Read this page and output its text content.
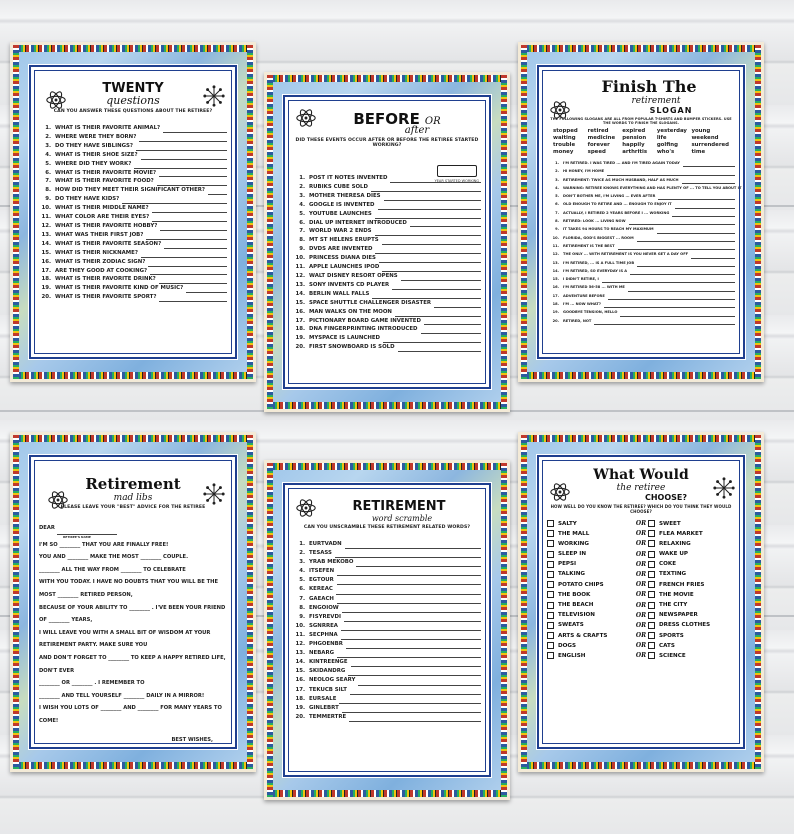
TWENTY
questions
CAN YOU ANSWER THESE QUESTIONS ABOUT THE RETIREE?
1. WHAT IS THEIR FAVORITE ANIMAL?
2. WHERE WERE THEY BORN?
3. DO THEY HAVE SIBLINGS?
4. WHAT IS THEIR SHOE SIZE?
5. WHERE DID THEY WORK?
6. WHAT IS THEIR FAVORITE MOVIE?
7. WHAT IS THEIR FAVORITE FOOD?
8. HOW DID THEY MEET THEIR SIGNIFICANT OTHER?
9. DO THEY HAVE KIDS?
10. WHAT IS THEIR MIDDLE NAME?
11. WHAT COLOR ARE THEIR EYES?
12. WHAT IS THEIR FAVORITE HOBBY?
13. WHAT WAS THEIR FIRST JOB?
14. WHAT IS THEIR FAVORITE SEASON?
15. WHAT IS THEIR NICKNAME?
16. WHAT IS THEIR ZODIAC SIGN?
17. ARE THEY GOOD AT COOKING?
18. WHAT IS THEIR FAVORITE DRINK?
19. WHAT IS THEIR FAVORITE KIND OF MUSIC?
20. WHAT IS THEIR FAVORITE SPORT?
BEFORE OR
after
DID THESE EVENTS OCCUR AFTER OR BEFORE THE RETIREE STARTED WORKING?
YEAR STARTED WORKING
1. POST IT NOTES INVENTED
2. RUBIKS CUBE SOLD
3. MOTHER THERESA DIES
4. GOOGLE IS INVENTED
5. YOUTUBE LAUNCHES
6. DIAL UP INTERNET INTRODUCED
7. WORLD WAR 2 ENDS
8. MT ST HELENS ERUPTS
9. DVDS ARE INVENTED
10. PRINCESS DIANA DIES
11. APPLE LAUNCHES IPOD
12. WALT DISNEY RESORT OPENS
13. SONY INVENTS CD PLAYER
14. BERLIN WALL FALLS
15. SPACE SHUTTLE CHALLENGER DISASTER
16. MAN WALKS ON THE MOON
17. PICTIONARY BOARD GAME INVENTED
18. DNA FINGERPRINTING INTRODUCED
19. MYSPACE IS LAUNCHED
20. FIRST SNOWBOARD IS SOLD
Finish The
retirement
SLOGAN
THE FOLLOWING SLOGANS ARE ALL FROM POPULAR T-SHIRTS AND BUMPER STICKERS. USE THE WORDS TO FINISH THE SLOGANS.
stopped	retired	expired	yesterday young
waiting	medicine	pension	life	weekend
trouble	forever	happily	golfing	surrendered
money	speed	arthritis	who's	time
1. I'M RETIRED. I WAS TIRED ... AND I'M TIRED AGAIN TODAY
2. HI HONEY, I'M HOME
3. RETIREMENT: TWICE AS MUCH HUSBAND, HALF AS MUCH
4. WARNING: RETIREE KNOWS EVERYTHING AND HAS PLENTY OF ... TO TELL YOU ABOUT IT
5. DON'T BOTHER ME, I'M LIVING ... EVER AFTER
6. OLD ENOUGH TO RETIRE AND ... ENOUGH TO ENJOY IT
7. ACTUALLY, I RETIRED 2 YEARS BEFORE I ... WORKING
8. RETIRED: LOOK ... LIVING NOW
9. IT TAKES 94 HOURS TO REACH MY MAXIMUM
10. FLORIDA, GOD'S BIGGEST ... ROOM
11. RETIREMENT IS THE BEST
12. THE ONLY ... WITH RETIREMENT IS YOU NEVER GET A DAY OFF
13. I'M RETIRED, ... IS A FULL TIME JOB
14. I'M RETIRED, SO EVERYDAY IS A
15. I DIDN'T RETIRE, I
16. I'M RETIRED 56-58 ... WITH ME
17. ADVENTURE BEFORE
18. I'M ... NOW WHAT?
19. GOODBYE TENSION, HELLO
20. RETIRED, NOT
Retirement
mad libs
PLEASE LEAVE YOUR "BEST" ADVICE FOR THE RETIREE
DEAR
RETIREE'S NAME
I'M SO ________ THAT YOU ARE FINALLY FREE!
YOU AND ________ MAKE THE MOST ________ COUPLE.
________ ALL THE WAY FROM ________ TO CELEBRATE
WITH YOU TODAY. I HAVE NO DOUBTS THAT YOU WILL BE THE MOST ________ RETIRED PERSON,
BECAUSE OF YOUR ABILITY TO ________ . I'VE BEEN YOUR FRIEND OF ________ YEARS,
I WILL LEAVE YOU WITH A SMALL BIT OF WISDOM AT YOUR RETIREMENT PARTY. MAKE SURE YOU
AND DON'T FORGET TO ________ TO KEEP A HAPPY RETIRED LIFE, DON'T EVER
________ OR ________ . I REMEMBER TO
________ AND TELL YOURSELF ________ DAILY IN A MIRROR!
I WISH YOU LOTS OF ________ AND ________ FOR MANY YEARS TO COME!
BEST WISHES,
RETIREMENT
word scramble
CAN YOU UNSCRAMBLE THESE RETIREMENT RELATED WORDS?
1. EURTVADN
2. TESASS
3. YRAB MEKOBO
4. ITSEFEN
5. EGTOUR
6. KEREAC
7. GAEACH
8. ENGOIOW
9. FISYREVDI
10. SGNRREA
11. SECPHNA
12. PHGOENBR
13. NEBARG
14. KINTREENGE
15. SKIDANDRG
16. NEOLOG SEARY
17. TEKUCB SILT
18. EURSALE
19. GINLEBRT
20. TEMMERTRE
What Would
the retiree
CHOOSE?
HOW WELL DO YOU KNOW THE RETIREE? WHICH DO YOU THINK THEY WOULD CHOOSE?
SALTY	OR	SWEET
THE MALL	OR	FLEA MARKET
WORKING	OR	RELAXING
SLEEP IN	OR	WAKE UP
PEPSI	OR	COKE
TALKING	OR	TEXTING
POTATO CHIPS	OR	FRENCH FRIES
THE BOOK	OR	THE MOVIE
THE BEACH	OR	THE CITY
TELEVISION	OR	NEWSPAPER
SWEATS	OR	DRESS CLOTHES
ARTS & CRAFTS	OR	SPORTS
DOGS	OR	CATS
ENGLISH	OR	SCIENCE
